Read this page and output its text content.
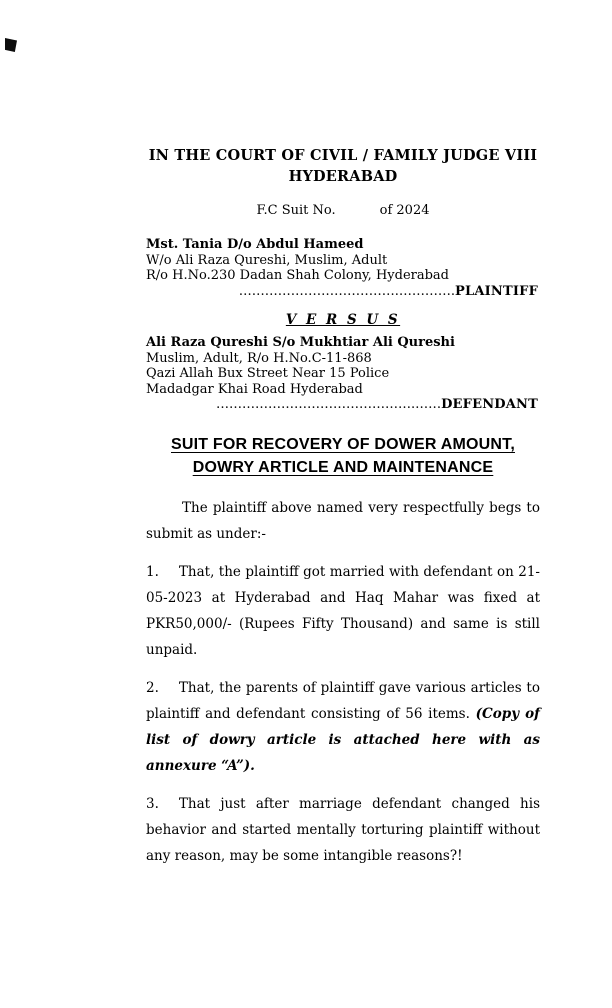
IN THE COURT OF CIVIL / FAMILY JUDGE VIII
HYDERABAD
F.C Suit No.	of 2024
Mst. Tania D/o Abdul Hameed
W/o Ali Raza Qureshi, Muslim, Adult
R/o H.No.230 Dadan Shah Colony, Hyderabad
……………………………….………….PLAINTIFF
V E R S U S
Ali Raza Qureshi S/o Mukhtiar Ali Qureshi
Muslim, Adult, R/o H.No.C-11-868
Qazi Allah Bux Street Near 15 Police
Madadgar Khai Road Hyderabad
……………………………………….……DEFENDANT
SUIT FOR RECOVERY OF DOWER AMOUNT,
DOWRY ARTICLE AND MAINTENANCE

The plaintiff above named very respectfully begs to submit as under:-

1. That, the plaintiff got married with defendant on 21-05-2023 at Hyderabad and Haq Mahar was fixed at PKR50,000/- (Rupees Fifty Thousand) and same is still unpaid.

2. That, the parents of plaintiff gave various articles to plaintiff and defendant consisting of 56 items. (Copy of list of dowry article is attached here with as annexure “A”).

3. That just after marriage defendant changed his behavior and started mentally torturing plaintiff without any reason, may be some intangible reasons?!
